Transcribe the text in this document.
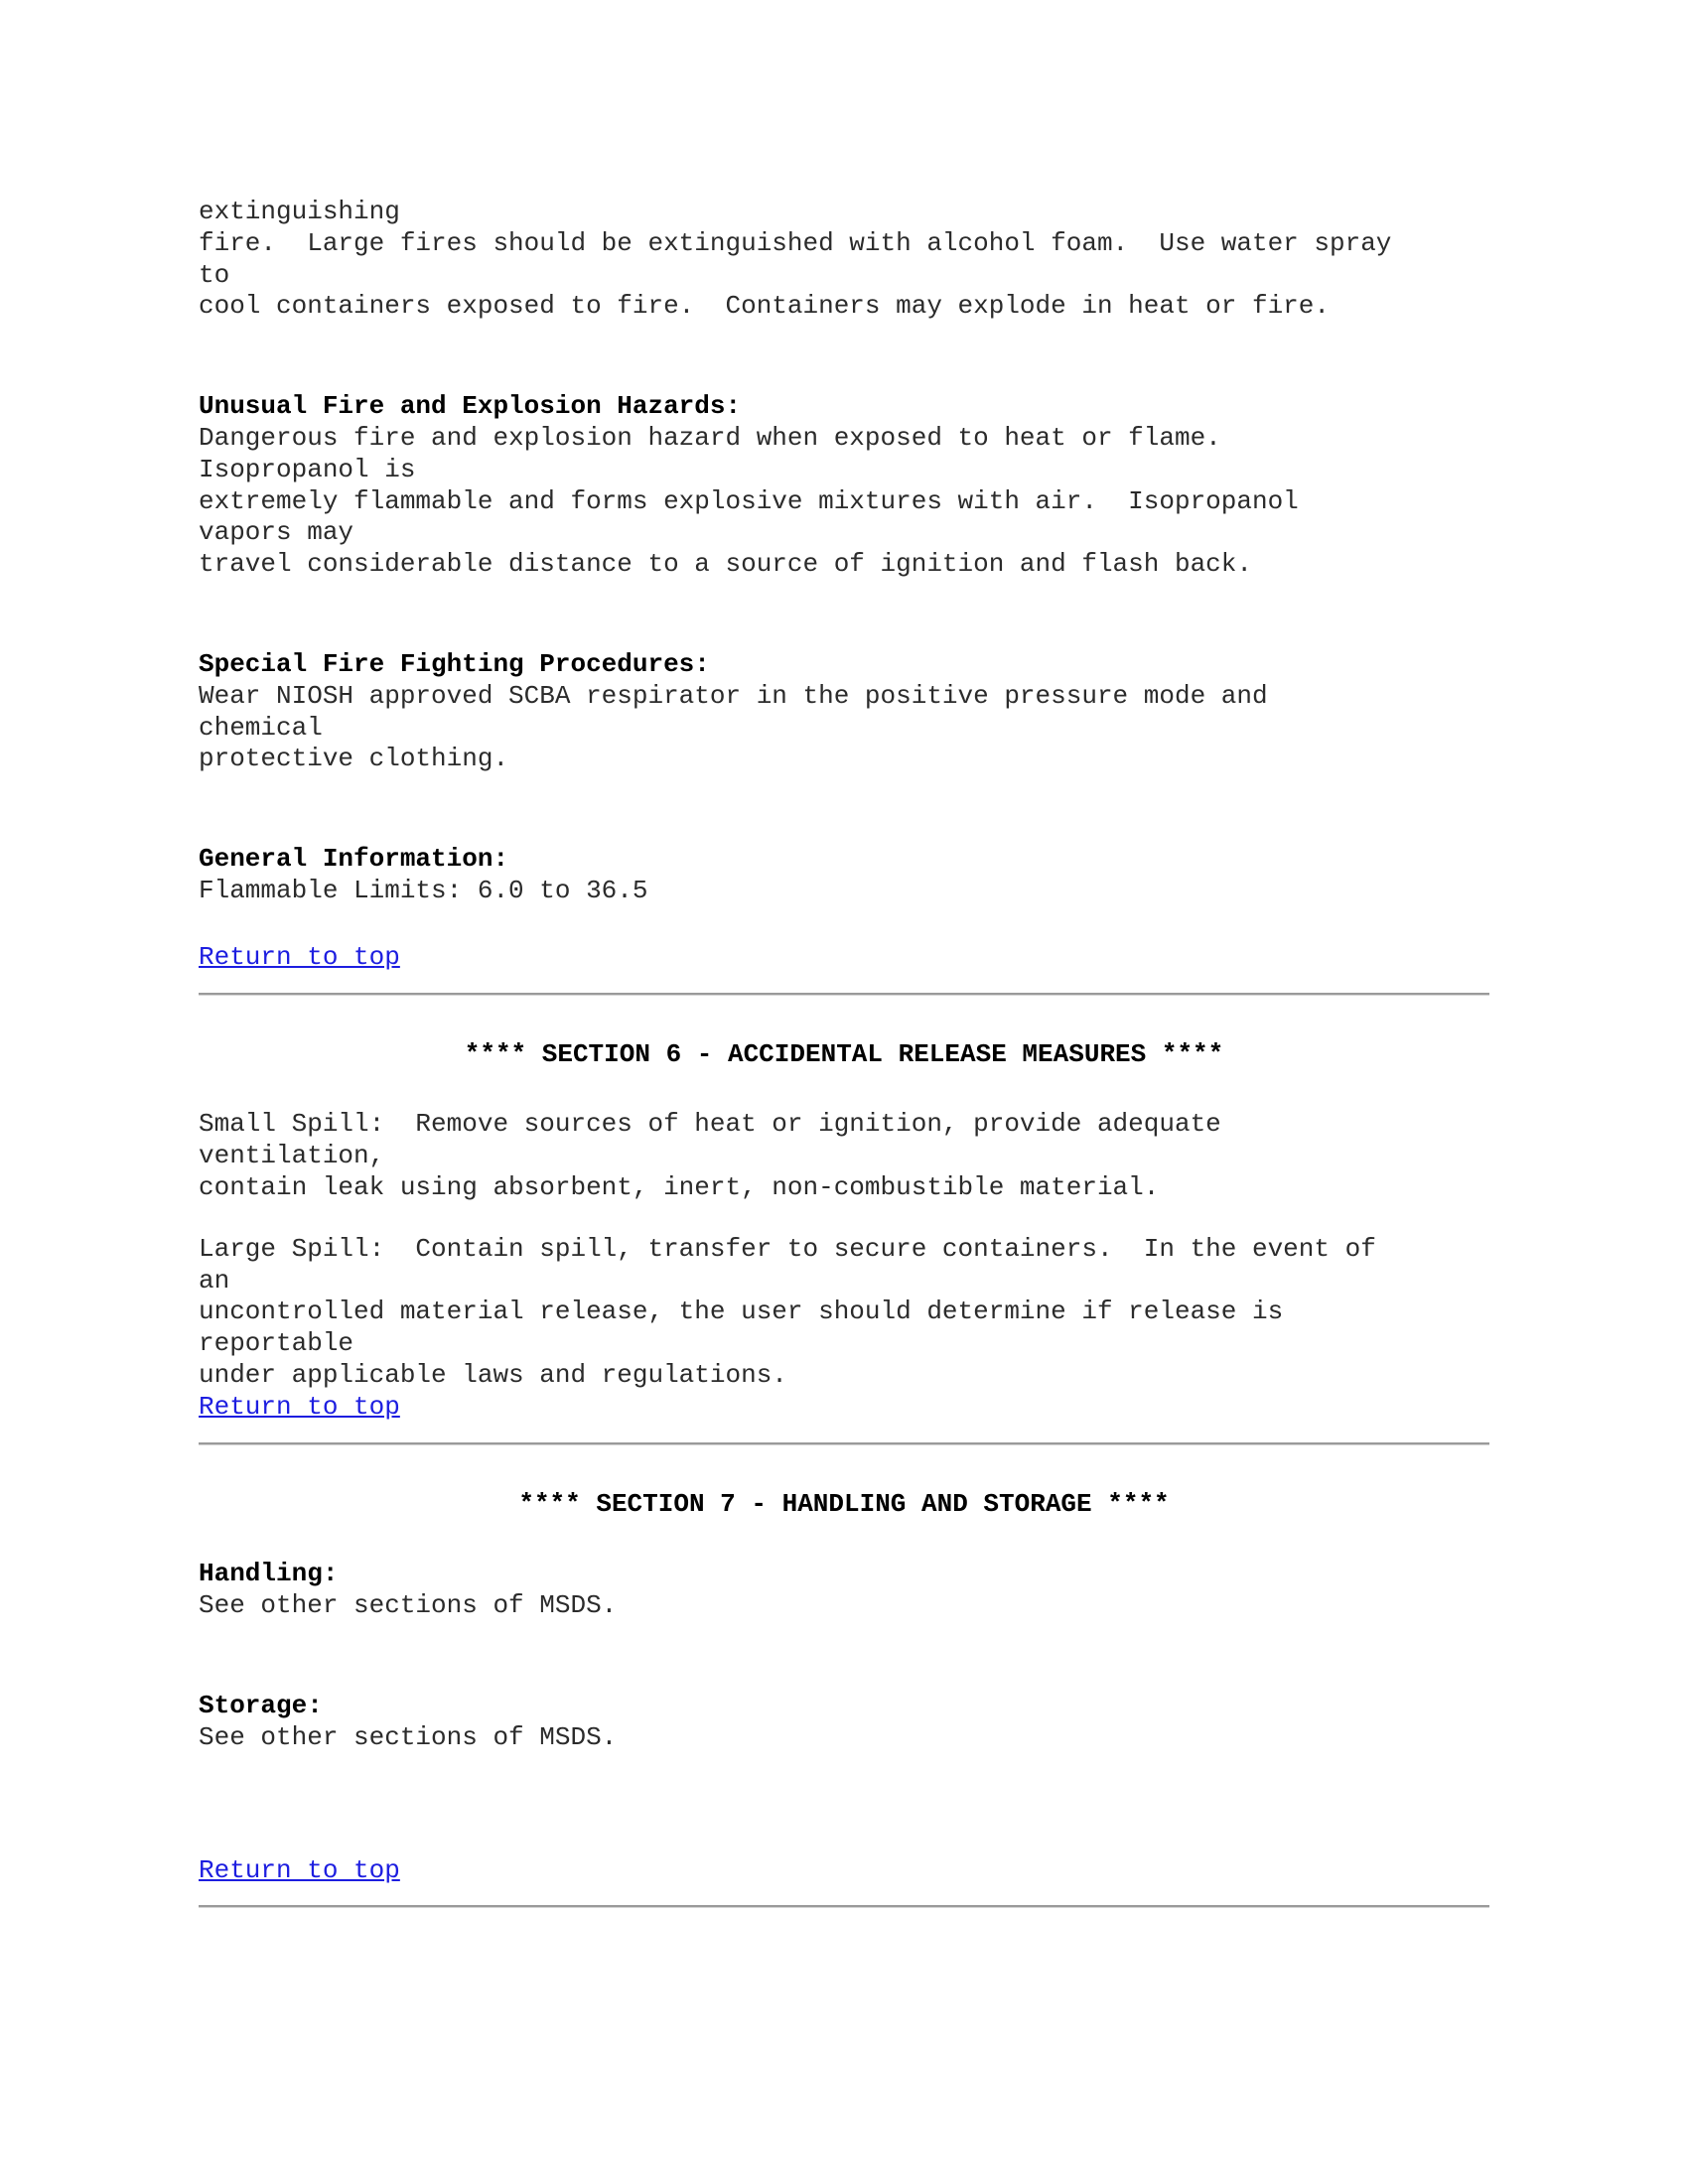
extinguishing
fire.  Large fires should be extinguished with alcohol foam.  Use water spray
to
cool containers exposed to fire.  Containers may explode in heat or fire.
Unusual Fire and Explosion Hazards:
Dangerous fire and explosion hazard when exposed to heat or flame.
Isopropanol is
extremely flammable and forms explosive mixtures with air.  Isopropanol
vapors may
travel considerable distance to a source of ignition and flash back.
Special Fire Fighting Procedures:
Wear NIOSH approved SCBA respirator in the positive pressure mode and
chemical
protective clothing.
General Information:
Flammable Limits: 6.0 to 36.5
Return to top
**** SECTION 6 - ACCIDENTAL RELEASE MEASURES ****
Small Spill:  Remove sources of heat or ignition, provide adequate
ventilation,
contain leak using absorbent, inert, non-combustible material.
Large Spill:  Contain spill, transfer to secure containers.  In the event of
an
uncontrolled material release, the user should determine if release is
reportable
under applicable laws and regulations.
Return to top
**** SECTION 7 - HANDLING AND STORAGE ****
Handling:
See other sections of MSDS.
Storage:
See other sections of MSDS.
Return to top
